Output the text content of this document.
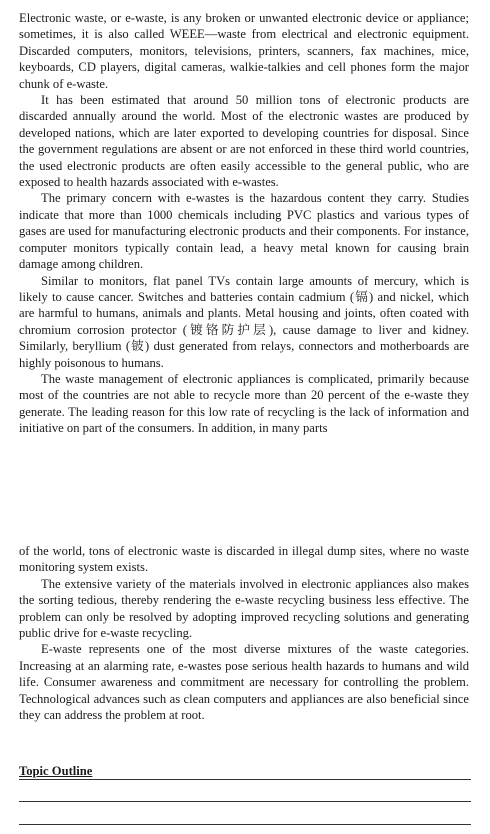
Electronic waste, or e-waste, is any broken or unwanted electronic device or appliance; sometimes, it is also called WEEE—waste from electrical and electronic equipment. Discarded computers, monitors, televisions, printers, scanners, fax machines, mice, keyboards, CD players, digital cameras, walkie-talkies and cell phones form the major chunk of e-waste.

It has been estimated that around 50 million tons of electronic products are discarded annually around the world. Most of the electronic wastes are produced by developed nations, which are later exported to developing countries for disposal. Since the government regulations are absent or are not enforced in these third world countries, the used electronic products are often easily accessible to the general public, who are exposed to health hazards associated with e-wastes.

The primary concern with e-wastes is the hazardous content they carry. Studies indicate that more than 1000 chemicals including PVC plastics and various types of gases are used for manufacturing electronic products and their components. For instance, computer monitors typically contain lead, a heavy metal known for causing brain damage among children.

Similar to monitors, flat panel TVs contain large amounts of mercury, which is likely to cause cancer. Switches and batteries contain cadmium (镉) and nickel, which are harmful to humans, animals and plants. Metal housing and joints, often coated with chromium corrosion protector (镀铬防护层), cause damage to liver and kidney. Similarly, beryllium (铍) dust generated from relays, connectors and motherboards are highly poisonous to humans.

The waste management of electronic appliances is complicated, primarily because most of the countries are not able to recycle more than 20 percent of the e-waste they generate. The leading reason for this low rate of recycling is the lack of information and initiative on part of the consumers. In addition, in many parts

of the world, tons of electronic waste is discarded in illegal dump sites, where no waste monitoring system exists.

The extensive variety of the materials involved in electronic appliances also makes the sorting tedious, thereby rendering the e-waste recycling business less effective. The problem can only be resolved by adopting improved recycling solutions and generating public drive for e-waste recycling.

E-waste represents one of the most diverse mixtures of the waste categories. Increasing at an alarming rate, e-wastes pose serious health hazards to humans and wild life. Consumer awareness and commitment are necessary for controlling the problem. Technological advances such as clean computers and appliances are also beneficial since they can address the problem at root.

Topic Outline
